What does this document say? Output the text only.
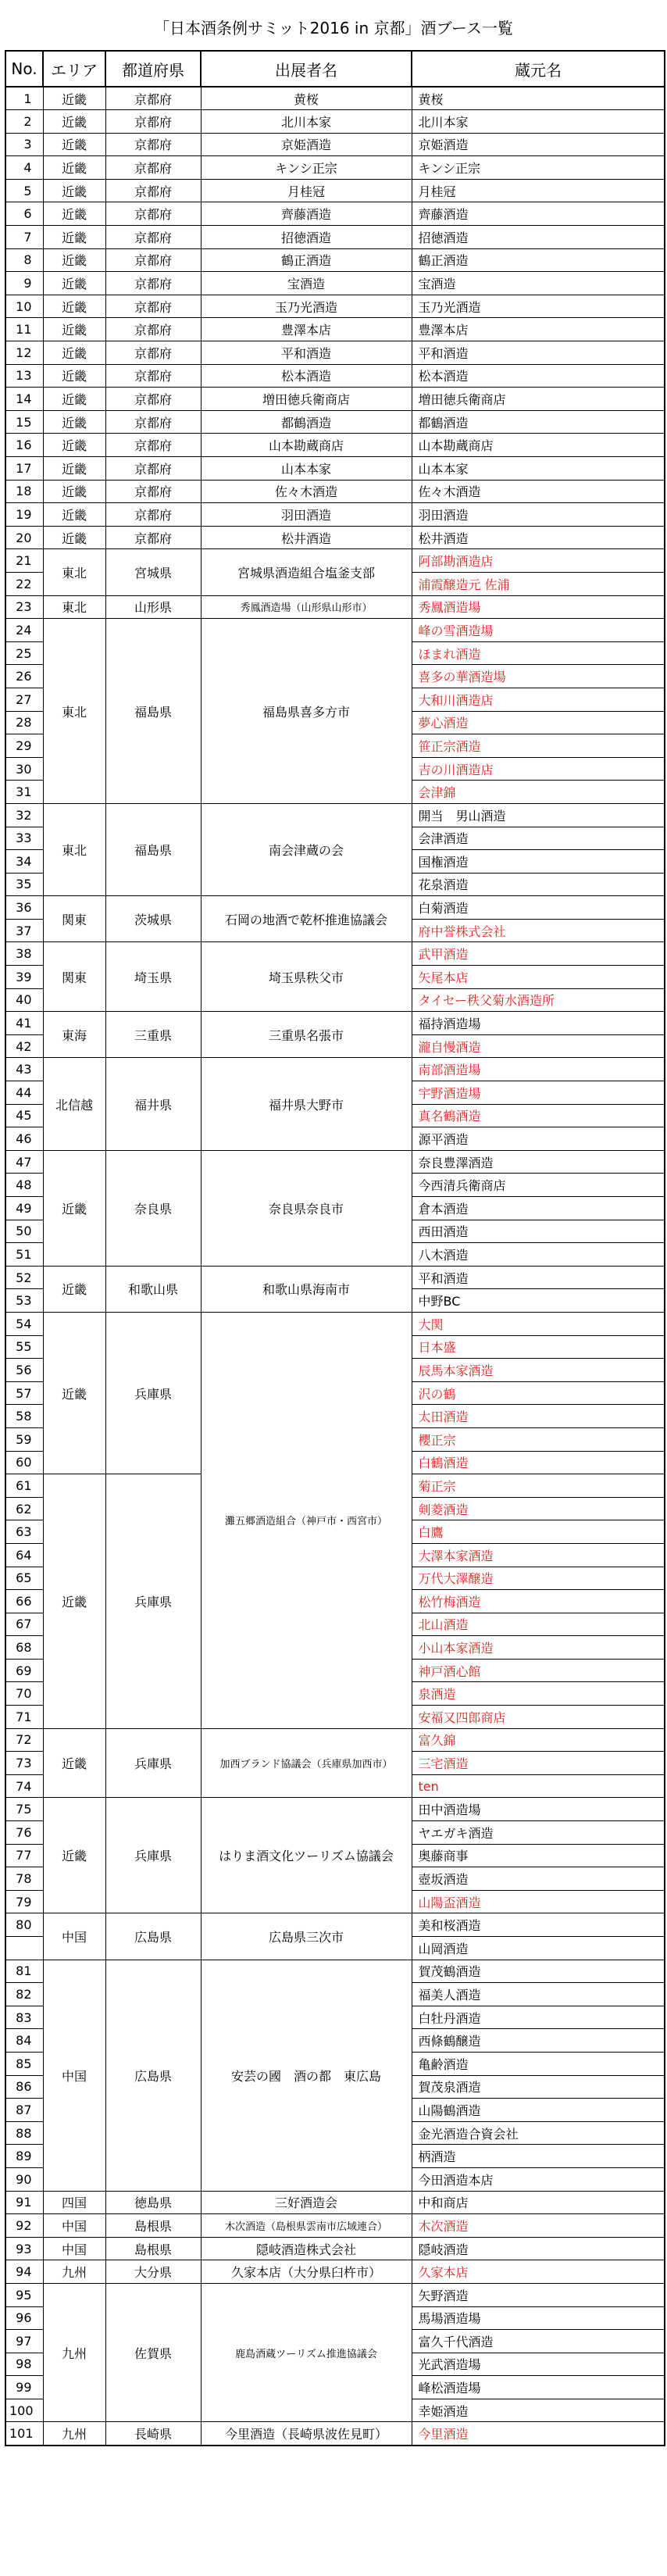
「日本酒条例サミット2016 in 京都」酒ブース一覧
No.	エリア	都道府県	出展者名	蔵元名
1	近畿	京都府	黄桜	黄桜
2	近畿	京都府	北川本家	北川本家
3	近畿	京都府	京姫酒造	京姫酒造
4	近畿	京都府	キンシ正宗	キンシ正宗
5	近畿	京都府	月桂冠	月桂冠
6	近畿	京都府	齊藤酒造	齊藤酒造
7	近畿	京都府	招徳酒造	招徳酒造
8	近畿	京都府	鶴正酒造	鶴正酒造
9	近畿	京都府	宝酒造	宝酒造
10	近畿	京都府	玉乃光酒造	玉乃光酒造
11	近畿	京都府	豊澤本店	豊澤本店
12	近畿	京都府	平和酒造	平和酒造
13	近畿	京都府	松本酒造	松本酒造
14	近畿	京都府	増田徳兵衛商店	増田徳兵衛商店
15	近畿	京都府	都鶴酒造	都鶴酒造
16	近畿	京都府	山本勘蔵商店	山本勘蔵商店
17	近畿	京都府	山本本家	山本本家
18	近畿	京都府	佐々木酒造	佐々木酒造
19	近畿	京都府	羽田酒造	羽田酒造
20	近畿	京都府	松井酒造	松井酒造
21	東北	宮城県	宮城県酒造組合塩釜支部	阿部勘酒造店
22				浦霞醸造元 佐浦
23	東北	山形県	秀鳳酒造場（山形県山形市）	秀鳳酒造場
24	東北	福島県	福島県喜多方市	峰の雪酒造場
25				ほまれ酒造
26				喜多の華酒造場
27				大和川酒造店
28				夢心酒造
29				笹正宗酒造
30				吉の川酒造店
31				会津錦
32	東北	福島県	南会津蔵の会	開当　男山酒造
33				会津酒造
34				国権酒造
35				花泉酒造
36	関東	茨城県	石岡の地酒で乾杯推進協議会	白菊酒造
37				府中誉株式会社
38	関東	埼玉県	埼玉県秩父市	武甲酒造
39				矢尾本店
40				タイセー秩父菊水酒造所
41	東海	三重県	三重県名張市	福持酒造場
42				瀧自慢酒造
43	北信越	福井県	福井県大野市	南部酒造場
44				宇野酒造場
45				真名鶴酒造
46				源平酒造
47	近畿	奈良県	奈良県奈良市	奈良豊澤酒造
48				今西清兵衛商店
49				倉本酒造
50				西田酒造
51				八木酒造
52	近畿	和歌山県	和歌山県海南市	平和酒造
53				中野BC
54	近畿	兵庫県	灘五郷酒造組合（神戸市・西宮市）	大関
55				日本盛
56				辰馬本家酒造
57				沢の鶴
58				太田酒造
59				櫻正宗
60				白鶴酒造
61	近畿	兵庫県		菊正宗
62				剣菱酒造
63				白鷹
64				大澤本家酒造
65				万代大澤醸造
66				松竹梅酒造
67				北山酒造
68				小山本家酒造
69				神戸酒心館
70				泉酒造
71				安福又四郎商店
72	近畿	兵庫県	加西ブランド協議会（兵庫県加西市）	富久錦
73				三宅酒造
74				ten
75	近畿	兵庫県	はりま酒文化ツーリズム協議会	田中酒造場
76				ヤエガキ酒造
77				奥藤商事
78				壺坂酒造
79				山陽盃酒造
80	中国	広島県	広島県三次市	美和桜酒造
				山岡酒造
81	中国	広島県	安芸の國　酒の都　東広島	賀茂鶴酒造
82				福美人酒造
83				白牡丹酒造
84				西條鶴醸造
85				亀齢酒造
86				賀茂泉酒造
87				山陽鶴酒造
88				金光酒造合資会社
89				柄酒造
90				今田酒造本店
91	四国	徳島県	三好酒造会	中和商店
92	中国	島根県	木次酒造（島根県雲南市広域連合）	木次酒造
93	中国	島根県	隠岐酒造株式会社	隠岐酒造
94	九州	大分県	久家本店（大分県臼杵市）	久家本店
95	九州	佐賀県	鹿島酒蔵ツーリズム推進協議会	矢野酒造
96				馬場酒造場
97				富久千代酒造
98				光武酒造場
99				峰松酒造場
100				幸姫酒造
101	九州	長崎県	今里酒造（長崎県波佐見町）	今里酒造
